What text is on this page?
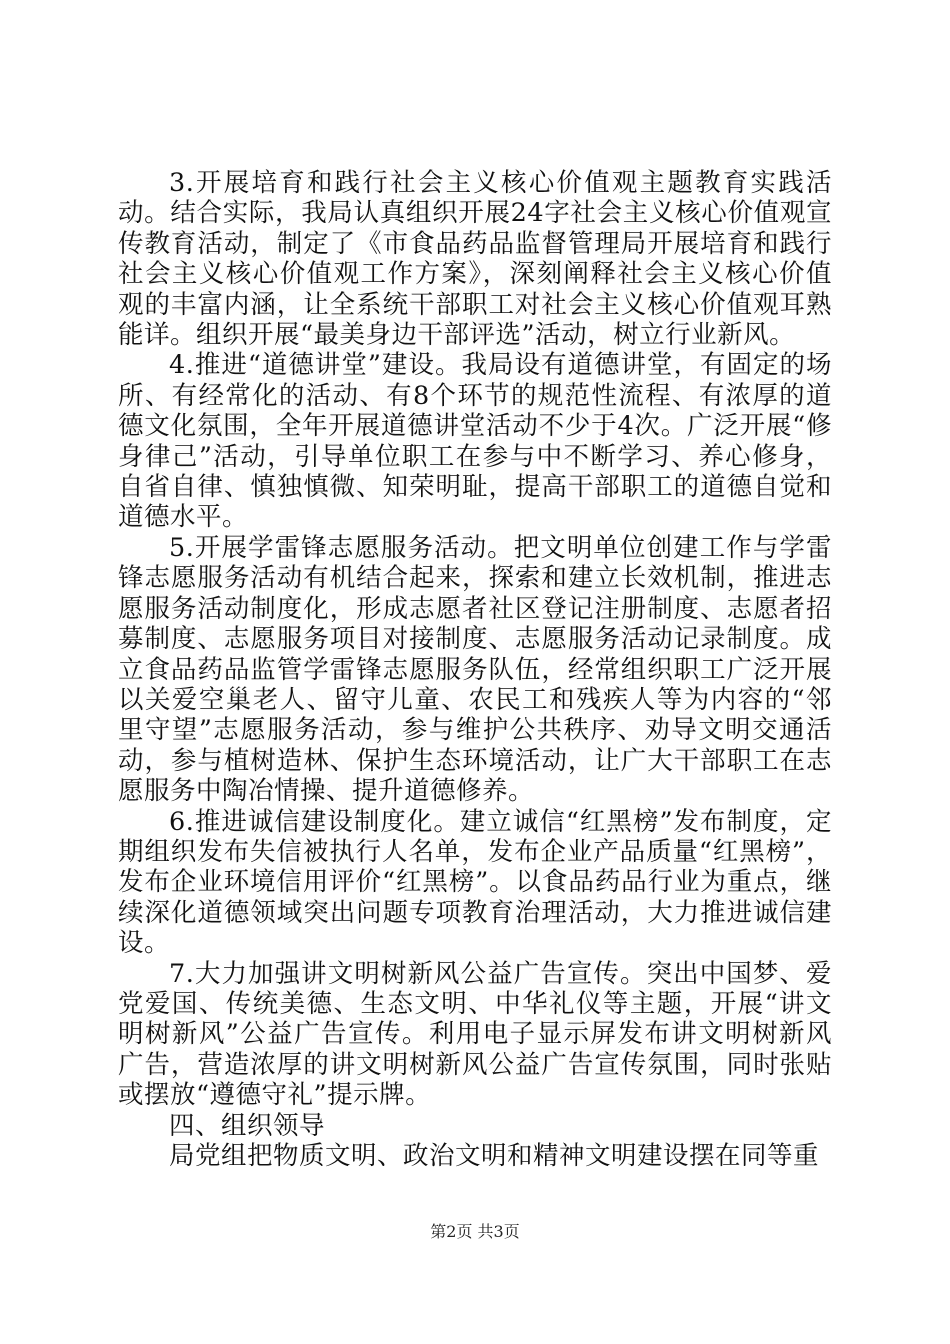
3.开展培育和践行社会主义核心价值观主题教育实践活动。结合实际，我局认真组织开展24字社会主义核心价值观宣传教育活动，制定了《市食品药品监督管理局开展培育和践行社会主义核心价值观工作方案》，深刻阐释社会主义核心价值观的丰富内涵，让全系统干部职工对社会主义核心价值观耳熟能详。组织开展“最美身边干部评选”活动，树立行业新风。

4.推进“道德讲堂”建设。我局设有道德讲堂，有固定的场所、有经常化的活动、有8个环节的规范性流程、有浓厚的道德文化氛围，全年开展道德讲堂活动不少于4次。广泛开展“修身律己”活动，引导单位职工在参与中不断学习、养心修身，自省自律、慎独慎微、知荣明耻，提高干部职工的道德自觉和道德水平。

5.开展学雷锋志愿服务活动。把文明单位创建工作与学雷锋志愿服务活动有机结合起来，探索和建立长效机制，推进志愿服务活动制度化，形成志愿者社区登记注册制度、志愿者招募制度、志愿服务项目对接制度、志愿服务活动记录制度。成立食品药品监管学雷锋志愿服务队伍，经常组织职工广泛开展以关爱空巢老人、留守儿童、农民工和残疾人等为内容的“邻里守望”志愿服务活动，参与维护公共秩序、劝导文明交通活动，参与植树造林、保护生态环境活动，让广大干部职工在志愿服务中陶冶情操、提升道德修养。

6.推进诚信建设制度化。建立诚信“红黑榜”发布制度，定期组织发布失信被执行人名单，发布企业产品质量“红黑榜”，发布企业环境信用评价“红黑榜”。以食品药品行业为重点，继续深化道德领域突出问题专项教育治理活动，大力推进诚信建设。

7.大力加强讲文明树新风公益广告宣传。突出中国梦、爱党爱国、传统美德、生态文明、中华礼仪等主题，开展“讲文明树新风”公益广告宣传。利用电子显示屏发布讲文明树新风广告，营造浓厚的讲文明树新风公益广告宣传氛围，同时张贴或摆放“遵德守礼”提示牌。

四、组织领导

局党组把物质文明、政治文明和精神文明建设摆在同等重

第2页 共3页
